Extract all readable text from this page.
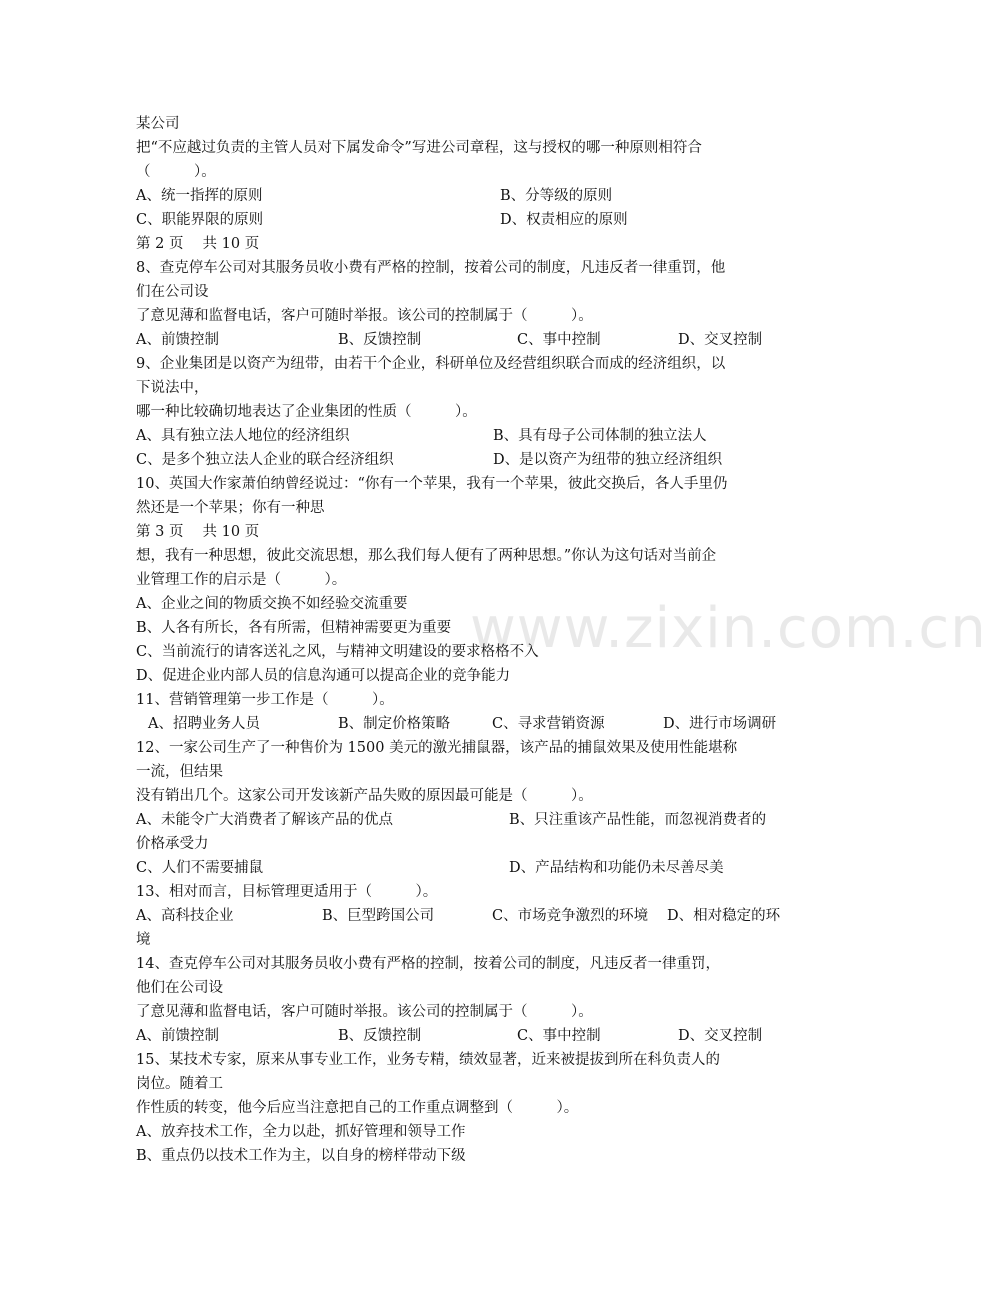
www.zixin.com.cn
某公司
把“不应越过负责的主管人员对下属发命令”写进公司章程，这与授权的哪一种原则相符合
（　　　）。
A、统一指挥的原则	B、分等级的原则
C、职能界限的原则	D、权责相应的原则
第 2 页　 共 10 页
8、查克停车公司对其服务员收小费有严格的控制，按着公司的制度，凡违反者一律重罚，他
们在公司设
了意见薄和监督电话，客户可随时举报。该公司的控制属于（　　　）。
A、前馈控制	B、反馈控制	C、事中控制	D、交叉控制
9、企业集团是以资产为纽带，由若干个企业，科研单位及经营组织联合而成的经济组织，以
下说法中，
哪一种比较确切地表达了企业集团的性质（　　　）。
A、具有独立法人地位的经济组织	B、具有母子公司体制的独立法人
C、是多个独立法人企业的联合经济组织	D、是以资产为纽带的独立经济组织
10、英国大作家萧伯纳曾经说过：“你有一个苹果，我有一个苹果，彼此交换后，各人手里仍
然还是一个苹果；你有一种思
第 3 页　 共 10 页
想，我有一种思想，彼此交流思想，那么我们每人便有了两种思想。”你认为这句话对当前企
业管理工作的启示是（　　　）。
A、企业之间的物质交换不如经验交流重要
B、人各有所长，各有所需，但精神需要更为重要
C、当前流行的请客送礼之风，与精神文明建设的要求格格不入
D、促进企业内部人员的信息沟通可以提高企业的竞争能力
11、营销管理第一步工作是（　　　）。
A、招聘业务人员	B、制定价格策略	C、寻求营销资源	D、进行市场调研
12、一家公司生产了一种售价为 1500 美元的激光捕鼠器，该产品的捕鼠效果及使用性能堪称
一流，但结果
没有销出几个。这家公司开发该新产品失败的原因最可能是（　　　）。
A、未能令广大消费者了解该产品的优点	B、只注重该产品性能，而忽视消费者的
价格承受力
C、人们不需要捕鼠	D、产品结构和功能仍未尽善尽美
13、相对而言，目标管理更适用于（　　　）。
A、高科技企业	B、巨型跨国公司	C、市场竞争激烈的环境 D、相对稳定的环
境
14、查克停车公司对其服务员收小费有严格的控制，按着公司的制度，凡违反者一律重罚，
他们在公司设
了意见薄和监督电话，客户可随时举报。该公司的控制属于（　　　）。
A、前馈控制	B、反馈控制	C、事中控制	D、交叉控制
15、某技术专家，原来从事专业工作，业务专精，绩效显著，近来被提拔到所在科负责人的
岗位。随着工
作性质的转变，他今后应当注意把自己的工作重点调整到（　　　）。
A、放弃技术工作，全力以赴，抓好管理和领导工作
B、重点仍以技术工作为主，以自身的榜样带动下级
